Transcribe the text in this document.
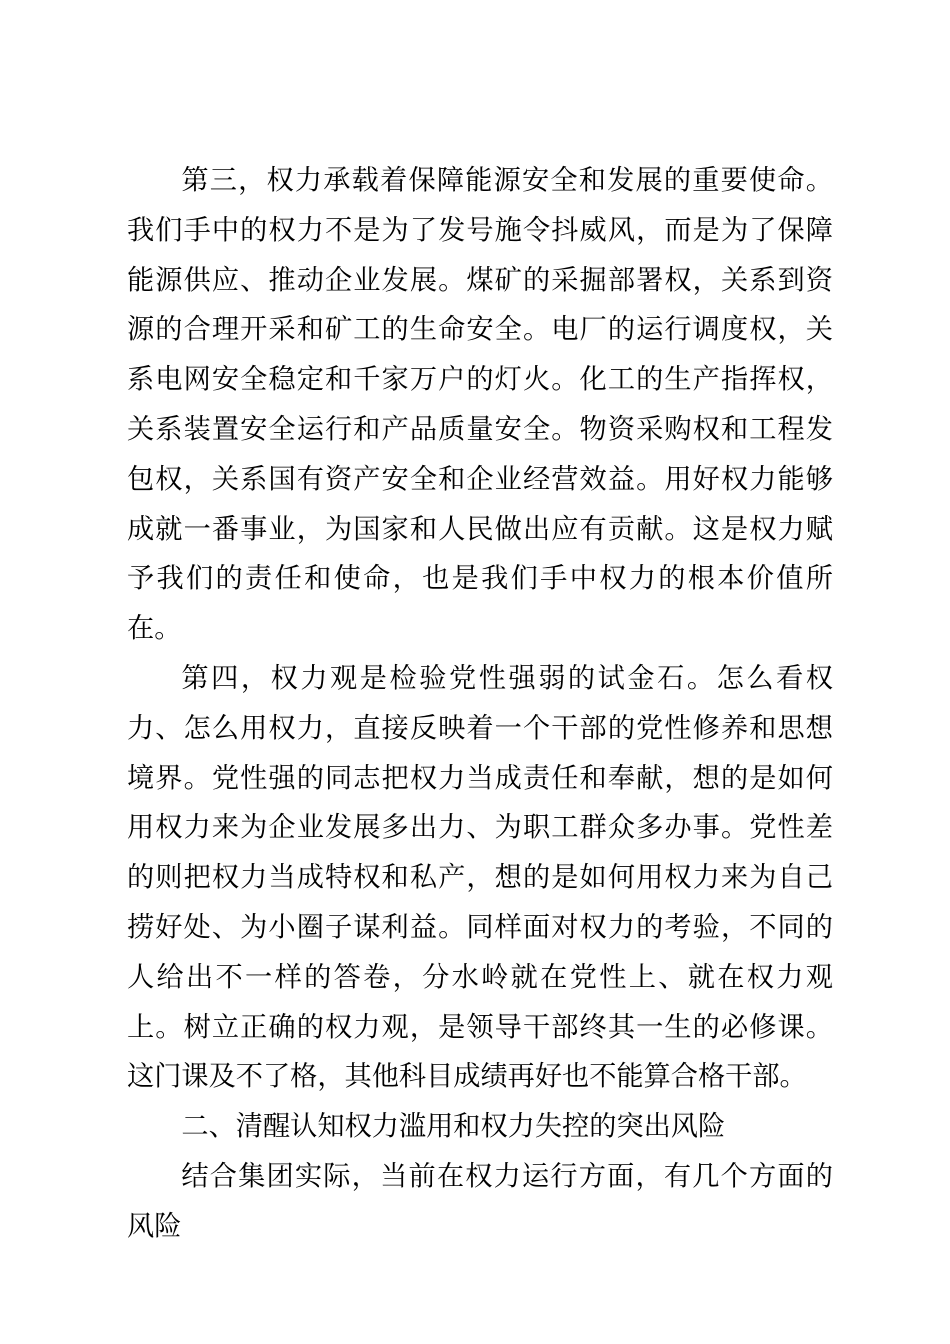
第三，权力承载着保障能源安全和发展的重要使命。我们手中的权力不是为了发号施令抖威风，而是为了保障能源供应、推动企业发展。煤矿的采掘部署权，关系到资源的合理开采和矿工的生命安全。电厂的运行调度权，关系电网安全稳定和千家万户的灯火。化工的生产指挥权，关系装置安全运行和产品质量安全。物资采购权和工程发包权，关系国有资产安全和企业经营效益。用好权力能够成就一番事业，为国家和人民做出应有贡献。这是权力赋予我们的责任和使命，也是我们手中权力的根本价值所在。

第四，权力观是检验党性强弱的试金石。怎么看权力、怎么用权力，直接反映着一个干部的党性修养和思想境界。党性强的同志把权力当成责任和奉献，想的是如何用权力来为企业发展多出力、为职工群众多办事。党性差的则把权力当成特权和私产，想的是如何用权力来为自己捞好处、为小圈子谋利益。同样面对权力的考验，不同的人给出不一样的答卷，分水岭就在党性上、就在权力观上。树立正确的权力观，是领导干部终其一生的必修课。这门课及不了格，其他科目成绩再好也不能算合格干部。

二、清醒认知权力滥用和权力失控的突出风险

结合集团实际，当前在权力运行方面，有几个方面的风险
